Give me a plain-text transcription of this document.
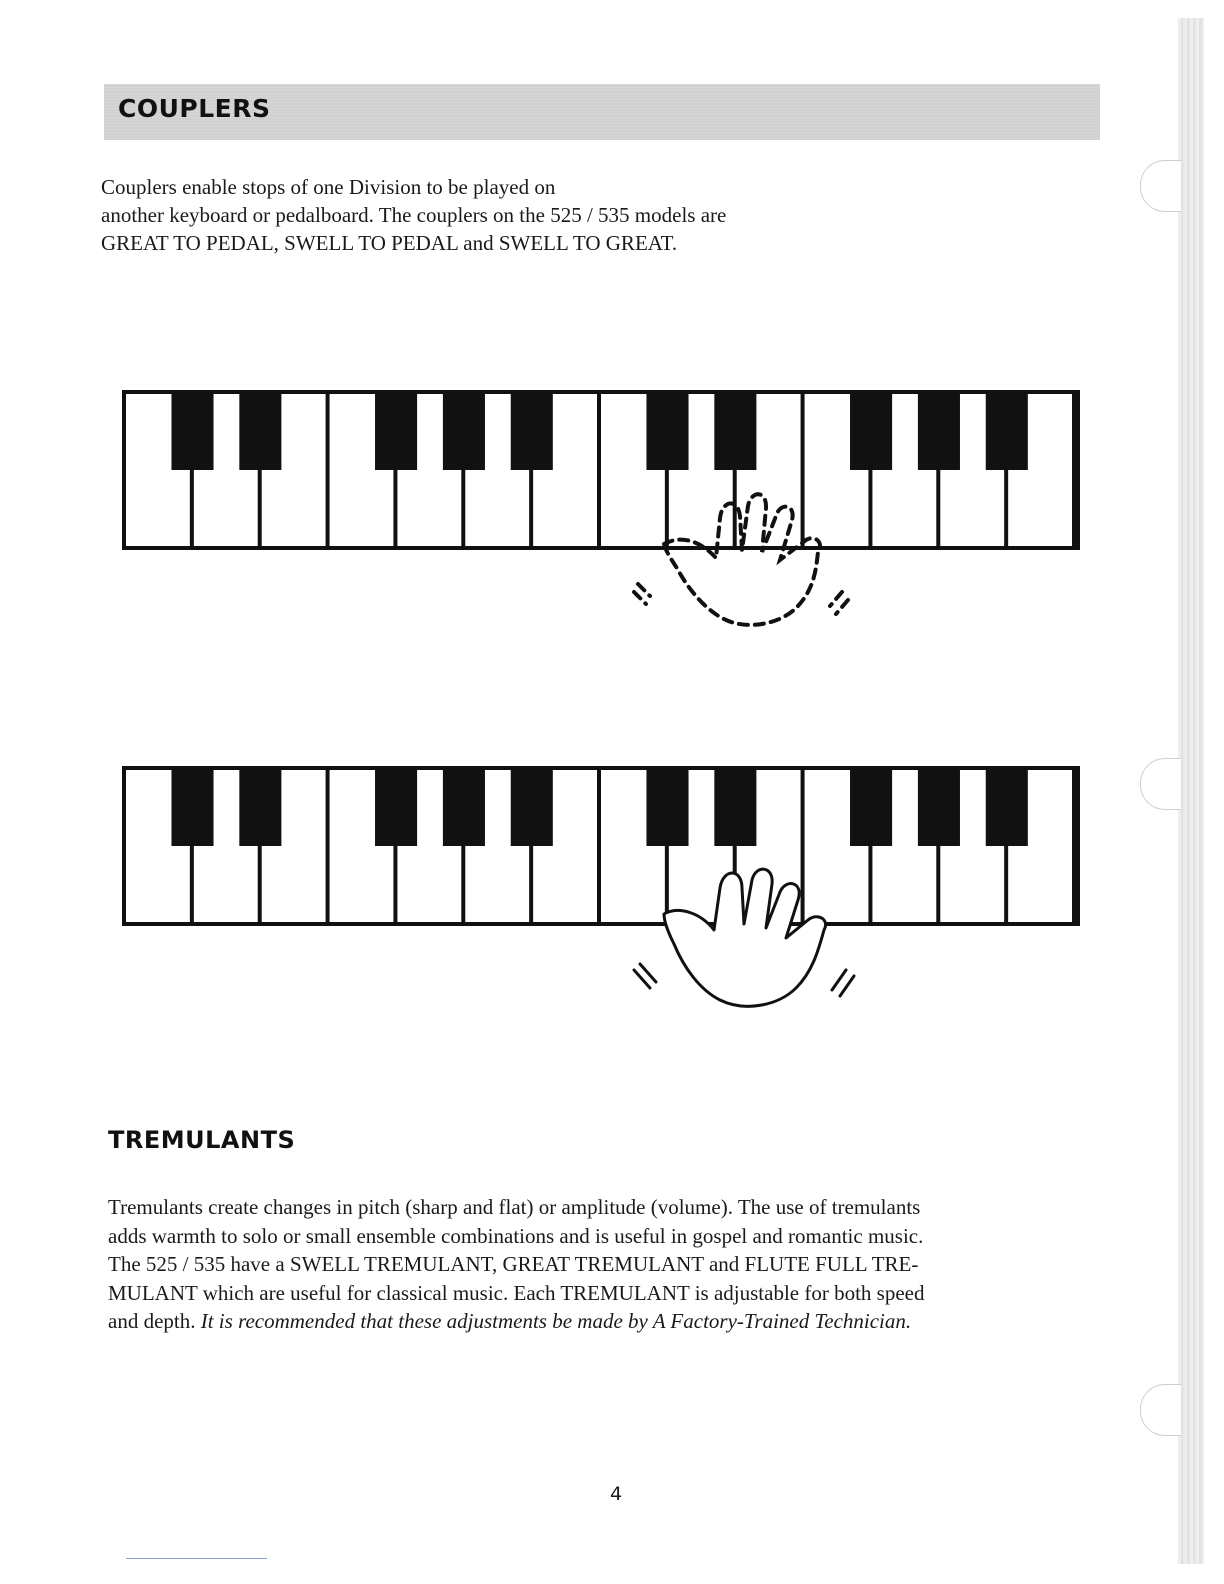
COUPLERS
Couplers enable stops of one Division to be played on
another keyboard or pedalboard. The couplers on the 525 / 535 models are
GREAT TO PEDAL, SWELL TO PEDAL and SWELL TO GREAT.
TREMULANTS
Tremulants create changes in pitch (sharp and flat) or amplitude (volume). The use of tremulants
adds warmth to solo or small ensemble combinations and is useful in gospel and romantic music.
The 525 / 535 have a SWELL TREMULANT, GREAT TREMULANT and FLUTE FULL TRE-
MULANT which are useful for classical music. Each TREMULANT is adjustable for both speed
and depth. It is recommended that these adjustments be made by A Factory-Trained Technician.
4
